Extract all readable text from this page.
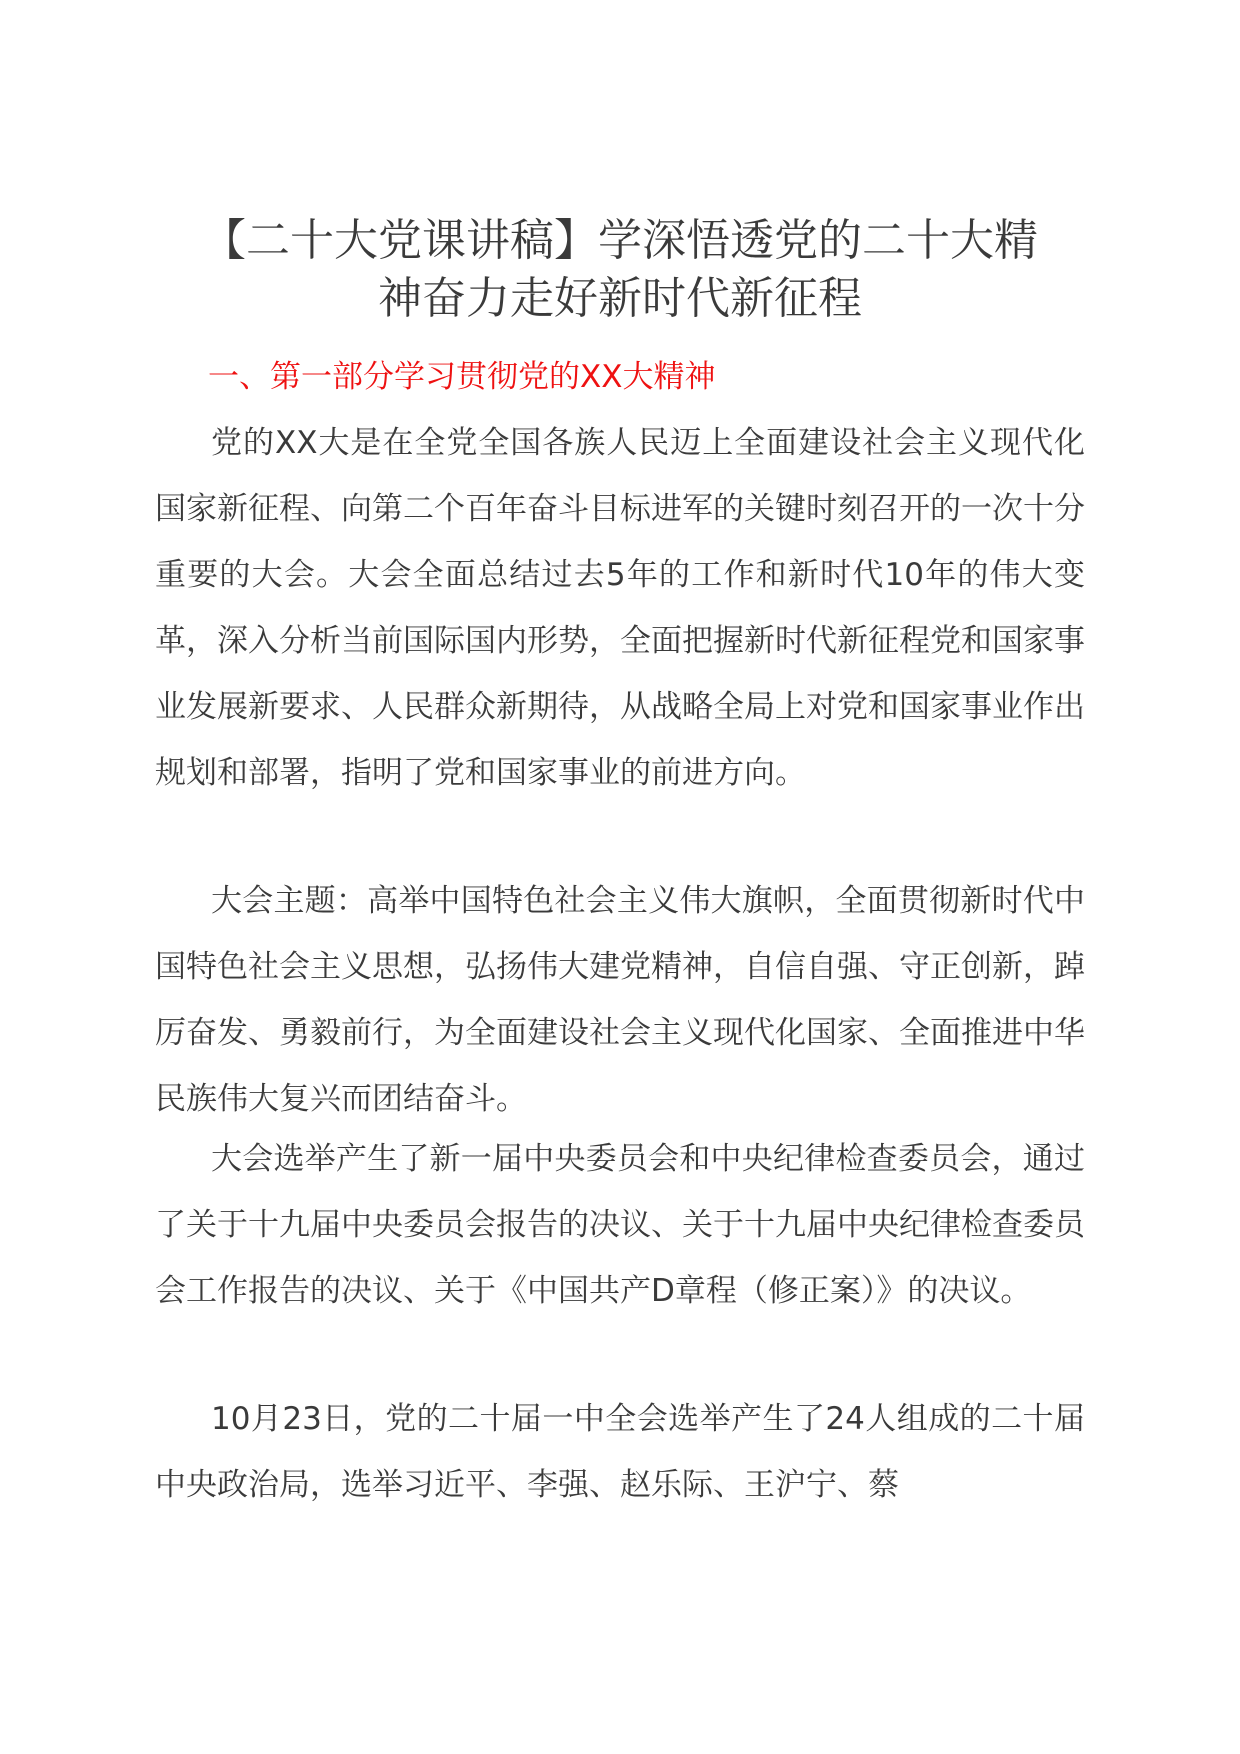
【二十大党课讲稿】学深悟透党的二十大精
神奋力走好新时代新征程
一、第一部分学习贯彻党的XX大精神

党的XX大是在全党全国各族人民迈上全面建设社会主义现代化国家新征程、向第二个百年奋斗目标进军的关键时刻召开的一次十分重要的大会。大会全面总结过去5年的工作和新时代10年的伟大变革，深入分析当前国际国内形势，全面把握新时代新征程党和国家事业发展新要求、人民群众新期待，从战略全局上对党和国家事业作出规划和部署，指明了党和国家事业的前进方向。

大会主题：高举中国特色社会主义伟大旗帜，全面贯彻新时代中国特色社会主义思想，弘扬伟大建党精神，自信自强、守正创新，踔厉奋发、勇毅前行，为全面建设社会主义现代化国家、全面推进中华民族伟大复兴而团结奋斗。

大会选举产生了新一届中央委员会和中央纪律检查委员会，通过了关于十九届中央委员会报告的决议、关于十九届中央纪律检查委员会工作报告的决议、关于《中国共产D章程（修正案）》的决议。

10月23日，党的二十届一中全会选举产生了24人组成的二十届中央政治局，选举习近平、李强、赵乐际、王沪宁、蔡
